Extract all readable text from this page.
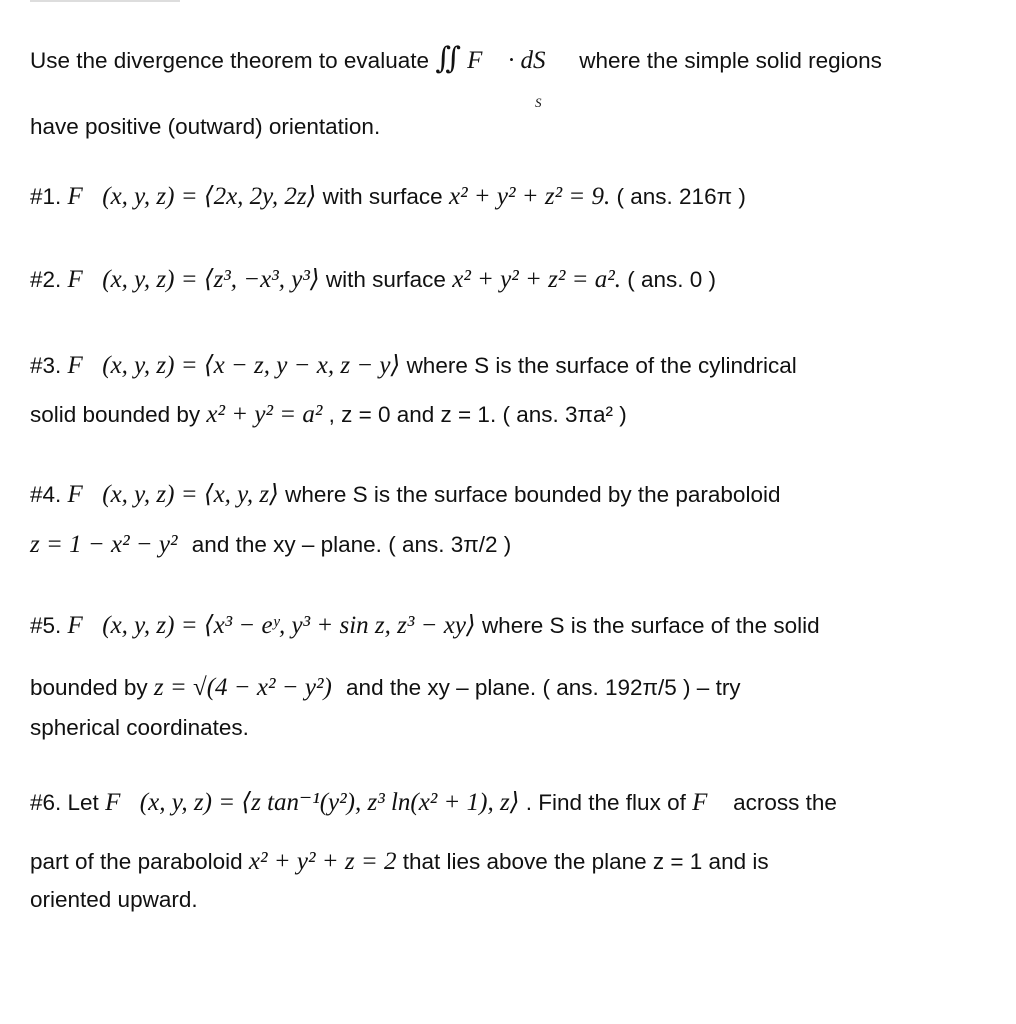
Use the divergence theorem to evaluate ∬ F⃗ · dS⃗ where the simple solid regions
S
have positive (outward) orientation.
#1. F⃗(x, y, z) = ⟨2x, 2y, 2z⟩ with surface x² + y² + z² = 9. ( ans. 216π )
#2. F⃗(x, y, z) = ⟨z³, −x³, y³⟩ with surface x² + y² + z² = a². ( ans. 0 )
#3. F⃗(x, y, z) = ⟨x − z, y − x, z − y⟩ where S is the surface of the cylindrical
solid bounded by x² + y² = a² , z = 0 and z = 1. ( ans. 3πa² )
#4. F⃗(x, y, z) = ⟨x, y, z⟩ where S is the surface bounded by the paraboloid
z = 1 − x² − y² and the xy – plane. ( ans. 3π/2 )
#5. F⃗(x, y, z) = ⟨x³ − eʸ, y³ + sin z, z³ − xy⟩ where S is the surface of the solid
bounded by z = √(4 − x² − y²) and the xy – plane. ( ans. 192π/5 ) – try
spherical coordinates.
#6. Let F⃗(x, y, z) = ⟨z tan⁻¹(y²), z³ ln(x² + 1), z⟩ . Find the flux of F⃗ across the
part of the paraboloid x² + y² + z = 2 that lies above the plane z = 1 and is
oriented upward.
